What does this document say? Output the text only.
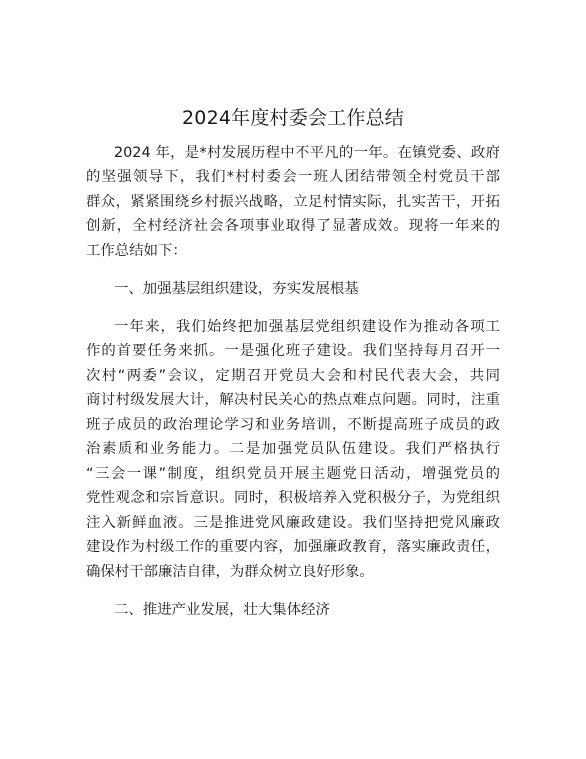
2024年度村委会工作总结
2024 年，是*村发展历程中不平凡的一年。在镇党委、政府
的坚强领导下，我们*村村委会一班人团结带领全村党员干部
群众，紧紧围绕乡村振兴战略，立足村情实际，扎实苦干，开拓
创新，全村经济社会各项事业取得了显著成效。现将一年来的
工作总结如下：
一、加强基层组织建设，夯实发展根基
一年来，我们始终把加强基层党组织建设作为推动各项工
作的首要任务来抓。一是强化班子建设。我们坚持每月召开一
次村“两委”会议，定期召开党员大会和村民代表大会，共同
商讨村级发展大计，解决村民关心的热点难点问题。同时，注重
班子成员的政治理论学习和业务培训，不断提高班子成员的政
治素质和业务能力。二是加强党员队伍建设。我们严格执行
“三会一课”制度，组织党员开展主题党日活动，增强党员的
党性观念和宗旨意识。同时，积极培养入党积极分子，为党组织
注入新鲜血液。三是推进党风廉政建设。我们坚持把党风廉政
建设作为村级工作的重要内容，加强廉政教育，落实廉政责任，
确保村干部廉洁自律，为群众树立良好形象。
二、推进产业发展，壮大集体经济
